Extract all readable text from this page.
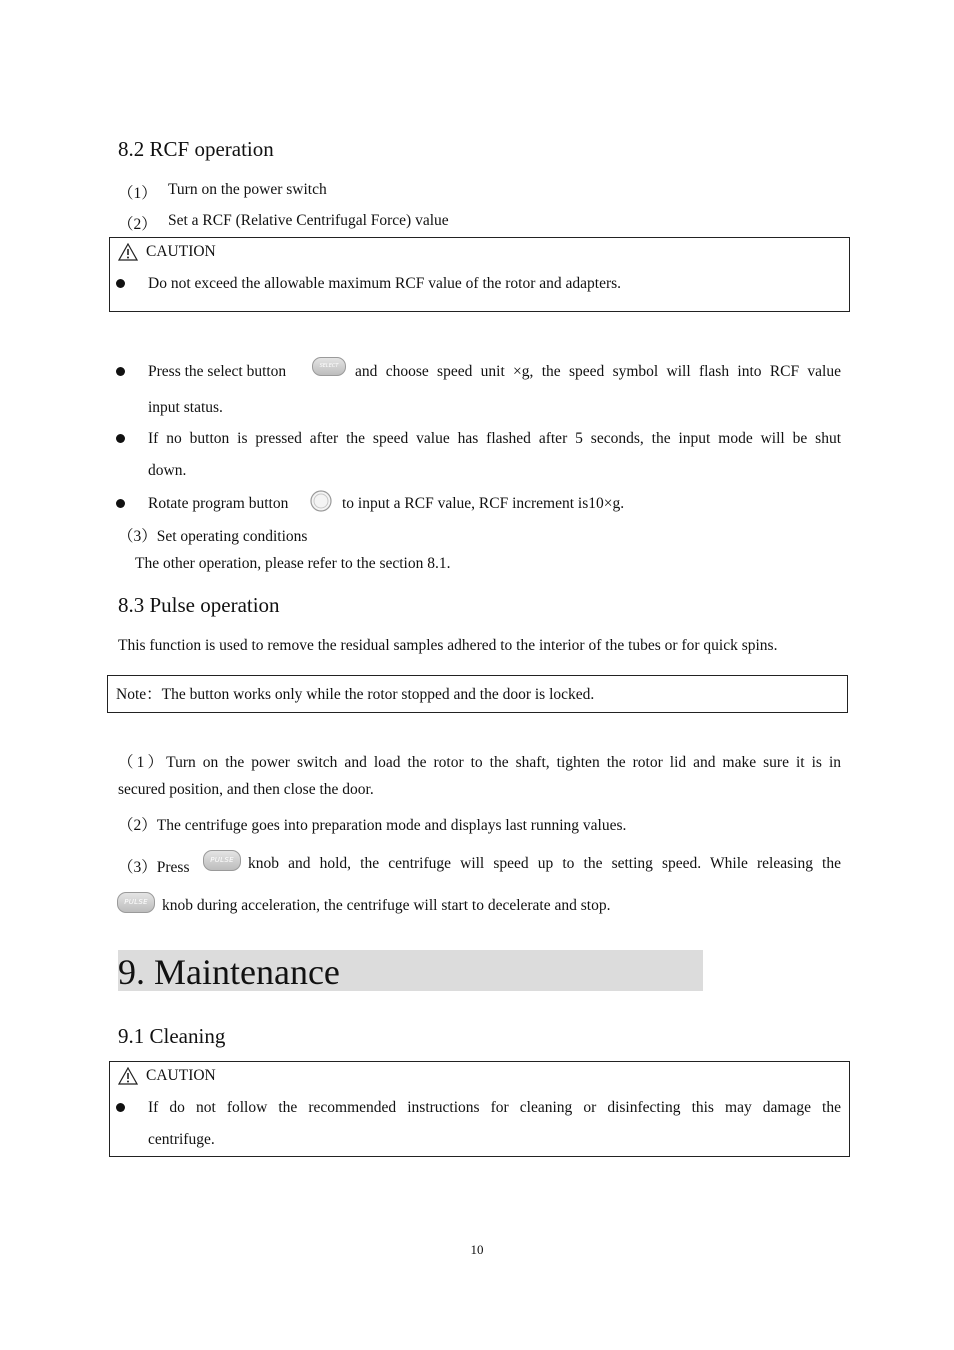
8.2 RCF operation
（1） Turn on the power switch
（2） Set a RCF (Relative Centrifugal Force) value
CAUTION
Do not exceed the allowable maximum RCF value of the rotor and adapters.
Press the select button	SELECT	and choose speed unit ×g, the speed symbol will flash into RCF value
input status.
If no button is pressed after the speed value has flashed after 5 seconds, the input mode will be shut
down.
Rotate program button	to input a RCF value, RCF increment is10×g.
（3）Set operating conditions
The other operation, please refer to the section 8.1.
8.3 Pulse operation
This function is used to remove the residual samples adhered to the interior of the tubes or for quick spins.
Note：The button works only while the rotor stopped and the door is locked.
（1）Turn on the power switch and load the rotor to the shaft, tighten the rotor lid and make sure it is in
secured position, and then close the door.
（2）The centrifuge goes into preparation mode and displays last running values.
（3）Press	PULSE knob and hold, the centrifuge will speed up to the setting speed. While releasing the
PULSE knob during acceleration, the centrifuge will start to decelerate and stop.
9. Maintenance
9.1 Cleaning
CAUTION
If do not follow the recommended instructions for cleaning or disinfecting this may damage the
centrifuge.
10
